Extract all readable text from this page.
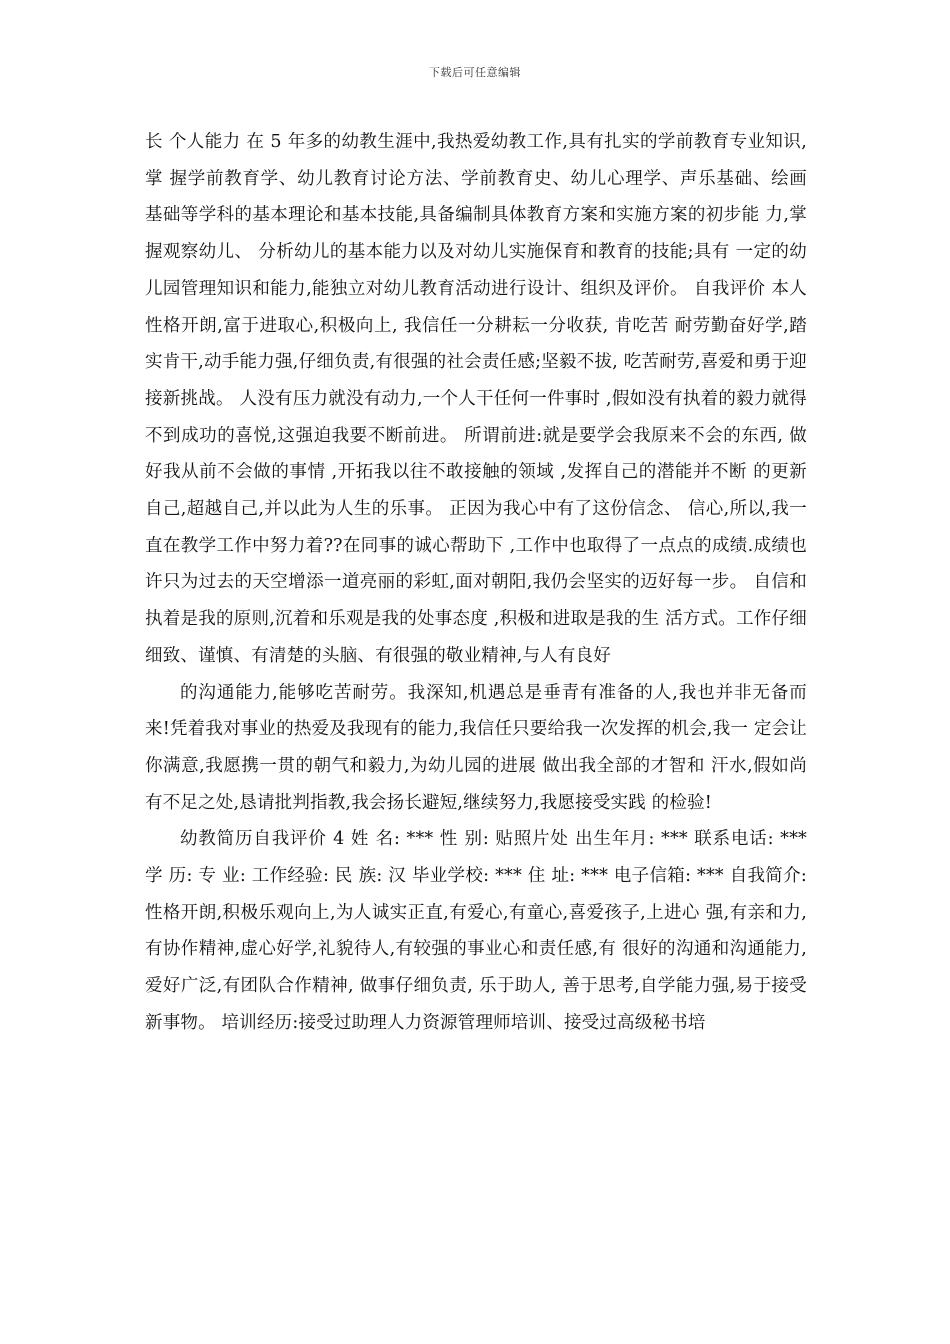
下载后可任意编辑

长 个人能力 在 5 年多的幼教生涯中,我热爱幼教工作,具有扎实的学前教育专业知识,掌 握学前教育学、幼儿教育讨论方法、学前教育史、幼儿心理学、声乐基础、绘画 基础等学科的基本理论和基本技能,具备编制具体教育方案和实施方案的初步能 力,掌握观察幼儿、 分析幼儿的基本能力以及对幼儿实施保育和教育的技能;具有 一定的幼儿园管理知识和能力,能独立对幼儿教育活动进行设计、组织及评价。 自我评价 本人性格开朗,富于进取心,积极向上, 我信任一分耕耘一分收获, 肯吃苦 耐劳勤奋好学,踏实肯干,动手能力强,仔细负责,有很强的社会责任感;坚毅不拔, 吃苦耐劳,喜爱和勇于迎接新挑战。 人没有压力就没有动力,一个人干任何一件事时 ,假如没有执着的毅力就得 不到成功的喜悦,这强迫我要不断前进。 所谓前进:就是要学会我原来不会的东西, 做好我从前不会做的事情 ,开拓我以往不敢接触的领域 ,发挥自己的潜能并不断 的更新自己,超越自己,并以此为人生的乐事。 正因为我心中有了这份信念、 信心,所以,我一直在教学工作中努力着??在同事的诚心帮助下 ,工作中也取得了一点点的成绩.成绩也许只为过去的天空增添一道亮丽的彩虹,面对朝阳,我仍会坚实的迈好每一步。 自信和执着是我的原则,沉着和乐观是我的处事态度 ,积极和进取是我的生 活方式。工作仔细细致、谨慎、有清楚的头脑、有很强的敬业精神,与人有良好

的沟通能力,能够吃苦耐劳。我深知,机遇总是垂青有准备的人,我也并非无备而 来!凭着我对事业的热爱及我现有的能力,我信任只要给我一次发挥的机会,我一 定会让你满意,我愿携一贯的朝气和毅力,为幼儿园的进展 做出我全部的才智和 汗水,假如尚有不足之处,恳请批判指教,我会扬长避短,继续努力,我愿接受实践 的检验!

幼教简历自我评价 4 姓 名: *** 性 别: 贴照片处 出生年月: *** 联系电话: *** 学 历: 专 业: 工作经验: 民 族: 汉 毕业学校: *** 住 址: *** 电子信箱: *** 自我简介: 性格开朗,积极乐观向上,为人诚实正直,有爱心,有童心,喜爱孩子,上进心 强,有亲和力,有协作精神,虚心好学,礼貌待人,有较强的事业心和责任感,有 很好的沟通和沟通能力, 爱好广泛,有团队合作精神, 做事仔细负责, 乐于助人, 善于思考,自学能力强,易于接受新事物。 培训经历:接受过助理人力资源管理师培训、接受过高级秘书培
